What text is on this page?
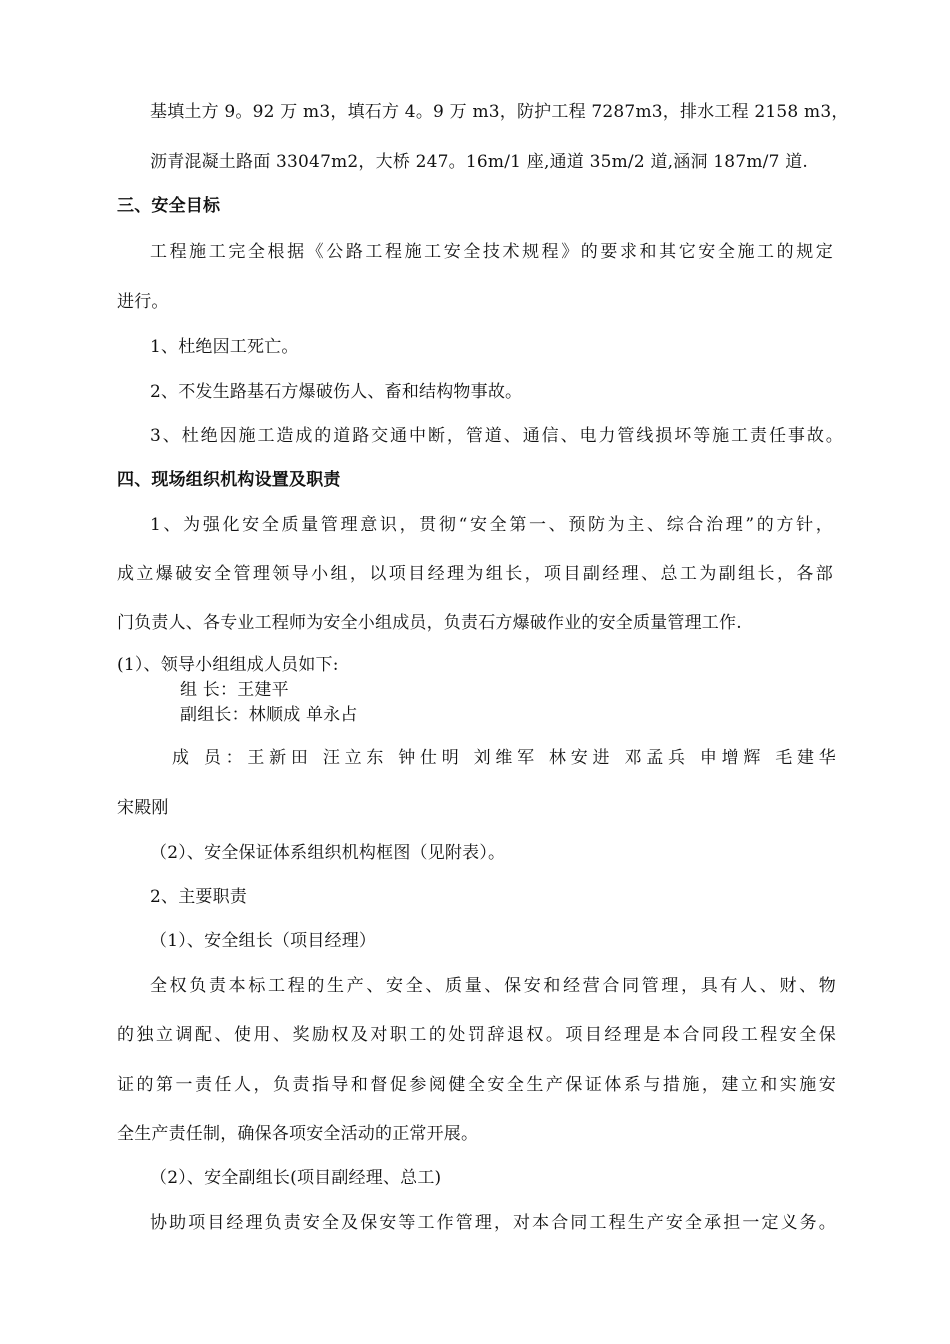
基填土方 9。92 万 m3，填石方 4。9 万 m3，防护工程 7287m3，排水工程 2158 m3，
沥青混凝土路面 33047m2，大桥 247。16m/1 座,通道 35m/2 道,涵洞 187m/7 道.
三、安全目标
工程施工完全根据《公路工程施工安全技术规程》的要求和其它安全施工的规定
进行。
1、杜绝因工死亡。
2、不发生路基石方爆破伤人、畜和结构物事故。
3、杜绝因施工造成的道路交通中断，管道、通信、电力管线损坏等施工责任事故。
四、现场组织机构设置及职责
1、为强化安全质量管理意识，贯彻“安全第一、预防为主、综合治理”的方针，
成立爆破安全管理领导小组，以项目经理为组长，项目副经理、总工为副组长，各部
门负责人、各专业工程师为安全小组成员，负责石方爆破作业的安全质量管理工作.
(1）、领导小组组成人员如下:
组 长：王建平
副组长：林顺成 单永占
成 员：王新田 汪立东 钟仕明 刘维军 林安进 邓孟兵 申增辉 毛建华
宋殿刚
（2）、安全保证体系组织机构框图（见附表）。
2、主要职责
（1）、安全组长（项目经理）
全权负责本标工程的生产、安全、质量、保安和经营合同管理，具有人、财、物
的独立调配、使用、奖励权及对职工的处罚辞退权。项目经理是本合同段工程安全保
证的第一责任人，负责指导和督促参阅健全安全生产保证体系与措施，建立和实施安
全生产责任制，确保各项安全活动的正常开展。
（2）、安全副组长(项目副经理、总工)
协助项目经理负责安全及保安等工作管理，对本合同工程生产安全承担一定义务。
